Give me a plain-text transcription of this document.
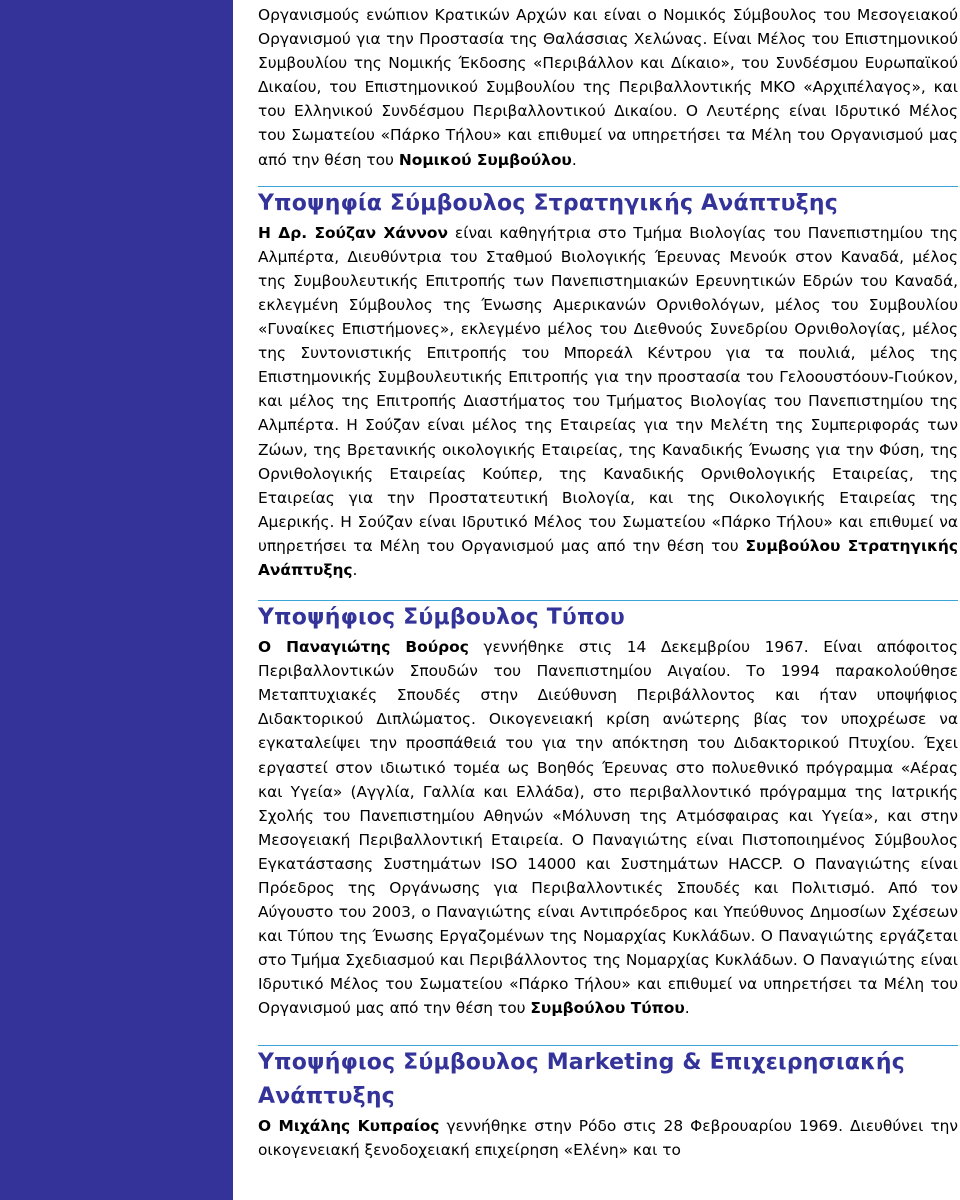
Οργανισμούς ενώπιον Κρατικών Αρχών και είναι ο Νομικός Σύμβουλος του Μεσογειακού Οργανισμού για την Προστασία της Θαλάσσιας Χελώνας. Είναι Μέλος του Επιστημονικού Συμβουλίου της Νομικής Έκδοσης «Περιβάλλον και Δίκαιο», του Συνδέσμου Ευρωπαϊκού Δικαίου, του Επιστημονικού Συμβουλίου της Περιβαλλοντικής ΜΚΟ «Αρχιπέλαγος», και του Ελληνικού Συνδέσμου Περιβαλλοντικού Δικαίου. Ο Λευτέρης είναι Ιδρυτικό Μέλος του Σωματείου «Πάρκο Τήλου» και επιθυμεί να υπηρετήσει τα Μέλη του Οργανισμού μας από την θέση του Νομικού Συμβούλου.

Υποψηφία Σύμβουλος Στρατηγικής Ανάπτυξης

Η Δρ. Σούζαν Χάννον είναι καθηγήτρια στο Τμήμα Βιολογίας του Πανεπιστημίου της Αλμπέρτα, Διευθύντρια του Σταθμού Βιολογικής Έρευνας Μενούκ στον Καναδά, μέλος της Συμβουλευτικής Επιτροπής των Πανεπιστημιακών Ερευνητικών Εδρών του Καναδά, εκλεγμένη Σύμβουλος της Ένωσης Αμερικανών Ορνιθολόγων, μέλος του Συμβουλίου «Γυναίκες Επιστήμονες», εκλεγμένο μέλος του Διεθνούς Συνεδρίου Ορνιθολογίας, μέλος της Συντονιστικής Επιτροπής του Μπορεάλ Κέντρου για τα πουλιά, μέλος της Επιστημονικής Συμβουλευτικής Επιτροπής για την προστασία του Γελοουστόουν-Γιούκον, και μέλος της Επιτροπής Διαστήματος του Τμήματος Βιολογίας του Πανεπιστημίου της Αλμπέρτα. Η Σούζαν είναι μέλος της Εταιρείας για την Μελέτη της Συμπεριφοράς των Ζώων, της Βρετανικής οικολογικής Εταιρείας, της Καναδικής Ένωσης για την Φύση, της Ορνιθολογικής Εταιρείας Κούπερ, της Καναδικής Ορνιθολογικής Εταιρείας, της Εταιρείας για την Προστατευτική Βιολογία, και της Οικολογικής Εταιρείας της Αμερικής. Η Σούζαν είναι Ιδρυτικό Μέλος του Σωματείου «Πάρκο Τήλου» και επιθυμεί να υπηρετήσει τα Μέλη του Οργανισμού μας από την θέση του Συμβούλου Στρατηγικής Ανάπτυξης.

Υποψήφιος Σύμβουλος Τύπου

Ο Παναγιώτης Βούρος γεννήθηκε στις 14 Δεκεμβρίου 1967. Είναι απόφοιτος Περιβαλλοντικών Σπουδών του Πανεπιστημίου Αιγαίου. Το 1994 παρακολούθησε Μεταπτυχιακές Σπουδές στην Διεύθυνση Περιβάλλοντος και ήταν υποψήφιος Διδακτορικού Διπλώματος. Οικογενειακή κρίση ανώτερης βίας τον υποχρέωσε να εγκαταλείψει την προσπάθειά του για την απόκτηση του Διδακτορικού Πτυχίου. Έχει εργαστεί στον ιδιωτικό τομέα ως Βοηθός Έρευνας στο πολυεθνικό πρόγραμμα «Αέρας και Υγεία» (Αγγλία, Γαλλία και Ελλάδα), στο περιβαλλοντικό πρόγραμμα της Ιατρικής Σχολής του Πανεπιστημίου Αθηνών «Μόλυνση της Ατμόσφαιρας και Υγεία», και στην Μεσογειακή Περιβαλλοντική Εταιρεία. Ο Παναγιώτης είναι Πιστοποιημένος Σύμβουλος Εγκατάστασης Συστημάτων ISO 14000 και Συστημάτων HACCP. Ο Παναγιώτης είναι Πρόεδρος της Οργάνωσης για Περιβαλλοντικές Σπουδές και Πολιτισμό. Από τον Αύγουστο του 2003, ο Παναγιώτης είναι Αντιπρόεδρος και Υπεύθυνος Δημοσίων Σχέσεων και Τύπου της Ένωσης Εργαζομένων της Νομαρχίας Κυκλάδων. Ο Παναγιώτης εργάζεται στο Τμήμα Σχεδιασμού και Περιβάλλοντος της Νομαρχίας Κυκλάδων. Ο Παναγιώτης είναι Ιδρυτικό Μέλος του Σωματείου «Πάρκο Τήλου» και επιθυμεί να υπηρετήσει τα Μέλη του Οργανισμού μας από την θέση του Συμβούλου Τύπου.

Υποψήφιος Σύμβουλος Marketing & Επιχειρησιακής Ανάπτυξης

Ο Μιχάλης Κυπραίος γεννήθηκε στην Ρόδο στις 28 Φεβρουαρίου 1969. Διευθύνει την οικογενειακή ξενοδοχειακή επιχείρηση «Ελένη» και το
